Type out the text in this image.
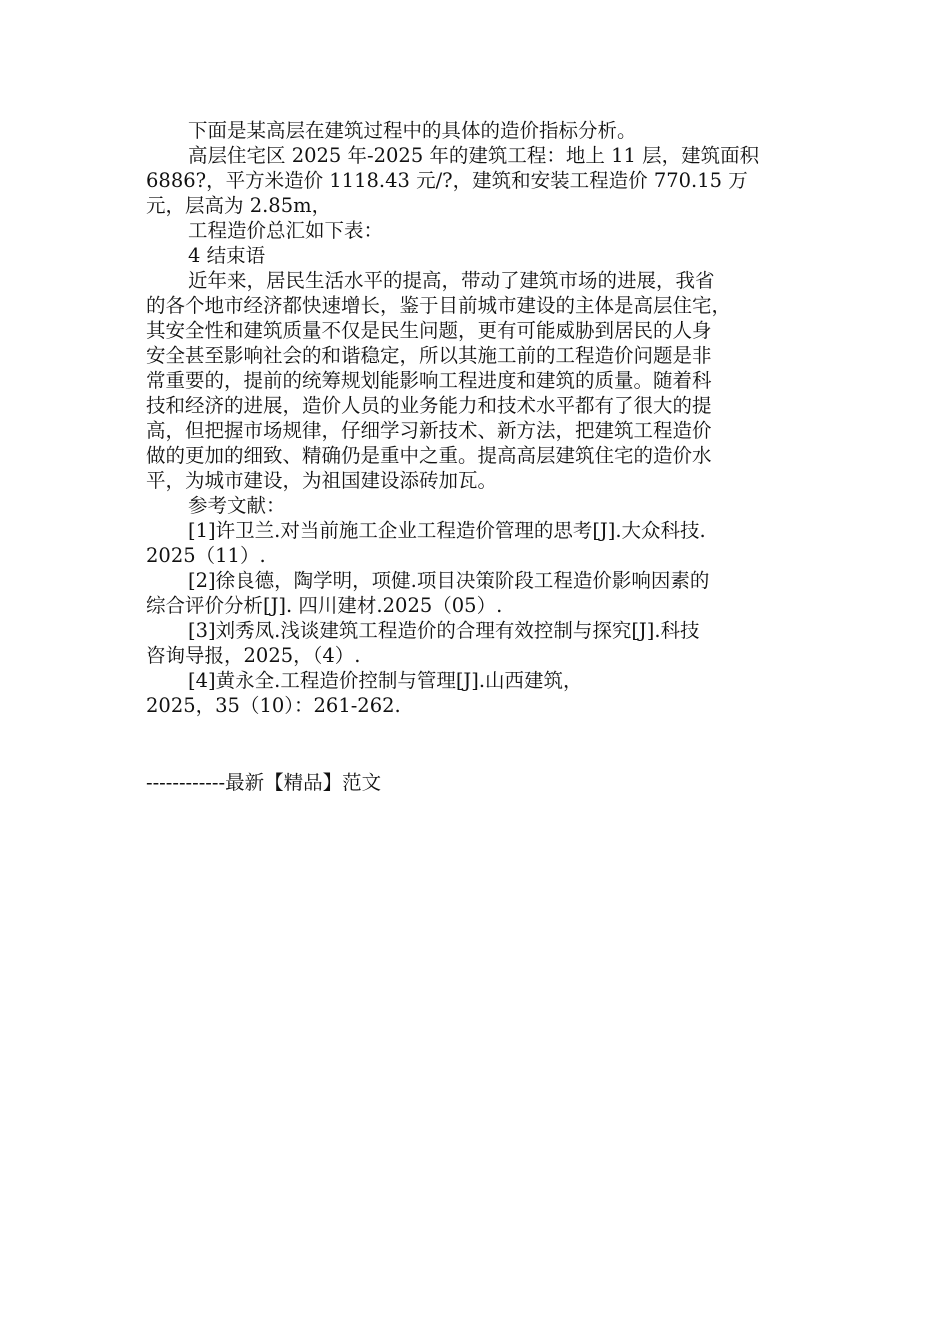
下面是某高层在建筑过程中的具体的造价指标分析。

高层住宅区 2025 年-2025 年的建筑工程：地上 11 层，建筑面积

6886?，平方米造价 1118.43 元/?，建筑和安装工程造价 770.15 万

元，层高为 2.85m，

工程造价总汇如下表：

4 结束语

近年来，居民生活水平的提高，带动了建筑市场的进展，我省

的各个地市经济都快速增长，鉴于目前城市建设的主体是高层住宅，

其安全性和建筑质量不仅是民生问题，更有可能威胁到居民的人身

安全甚至影响社会的和谐稳定，所以其施工前的工程造价问题是非

常重要的，提前的统筹规划能影响工程进度和建筑的质量。随着科

技和经济的进展，造价人员的业务能力和技术水平都有了很大的提

高，但把握市场规律，仔细学习新技术、新方法，把建筑工程造价

做的更加的细致、精确仍是重中之重。提高高层建筑住宅的造价水

平，为城市建设，为祖国建设添砖加瓦。

参考文献：

[1]许卫兰.对当前施工企业工程造价管理的思考[J].大众科技.

2025（11）.

[2]徐良德，陶学明，项健.项目决策阶段工程造价影响因素的

综合评价分析[J]. 四川建材.2025（05）.

[3]刘秀凤.浅谈建筑工程造价的合理有效控制与探究[J].科技

咨询导报，2025，（4）.

[4]黄永全.工程造价控制与管理[J].山西建筑，

2025，35（10）：261-262.

------------最新【精品】范文
